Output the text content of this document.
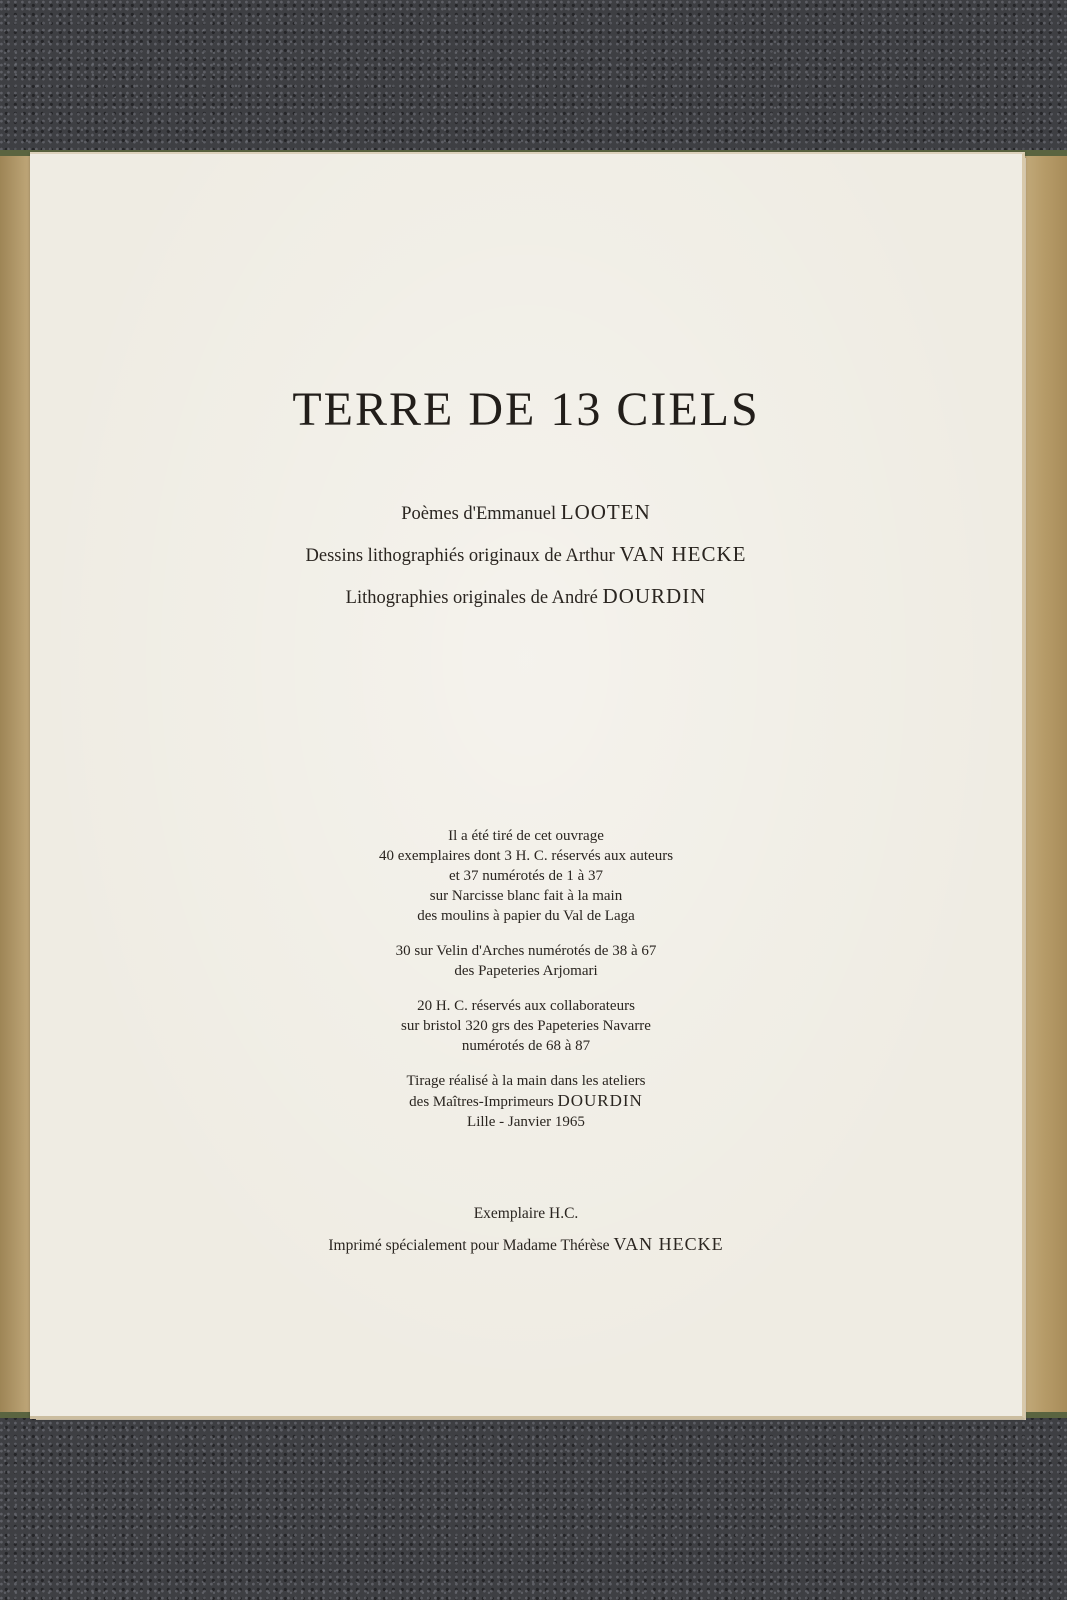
TERRE DE 13 CIELS
Poèmes d'Emmanuel LOOTEN
Dessins lithographiés originaux de Arthur VAN HECKE
Lithographies originales de André DOURDIN
Il a été tiré de cet ouvrage
40 exemplaires dont 3 H. C. réservés aux auteurs
et 37 numérotés de 1 à 37
sur Narcisse blanc fait à la main
des moulins à papier du Val de Laga
30 sur Velin d'Arches numérotés de 38 à 67
des Papeteries Arjomari
20 H. C. réservés aux collaborateurs
sur bristol 320 grs des Papeteries Navarre
numérotés de 68 à 87
Tirage réalisé à la main dans les ateliers
des Maîtres-Imprimeurs DOURDIN
Lille - Janvier 1965
Exemplaire H.C.
Imprimé spécialement pour Madame Thérèse VAN HECKE
